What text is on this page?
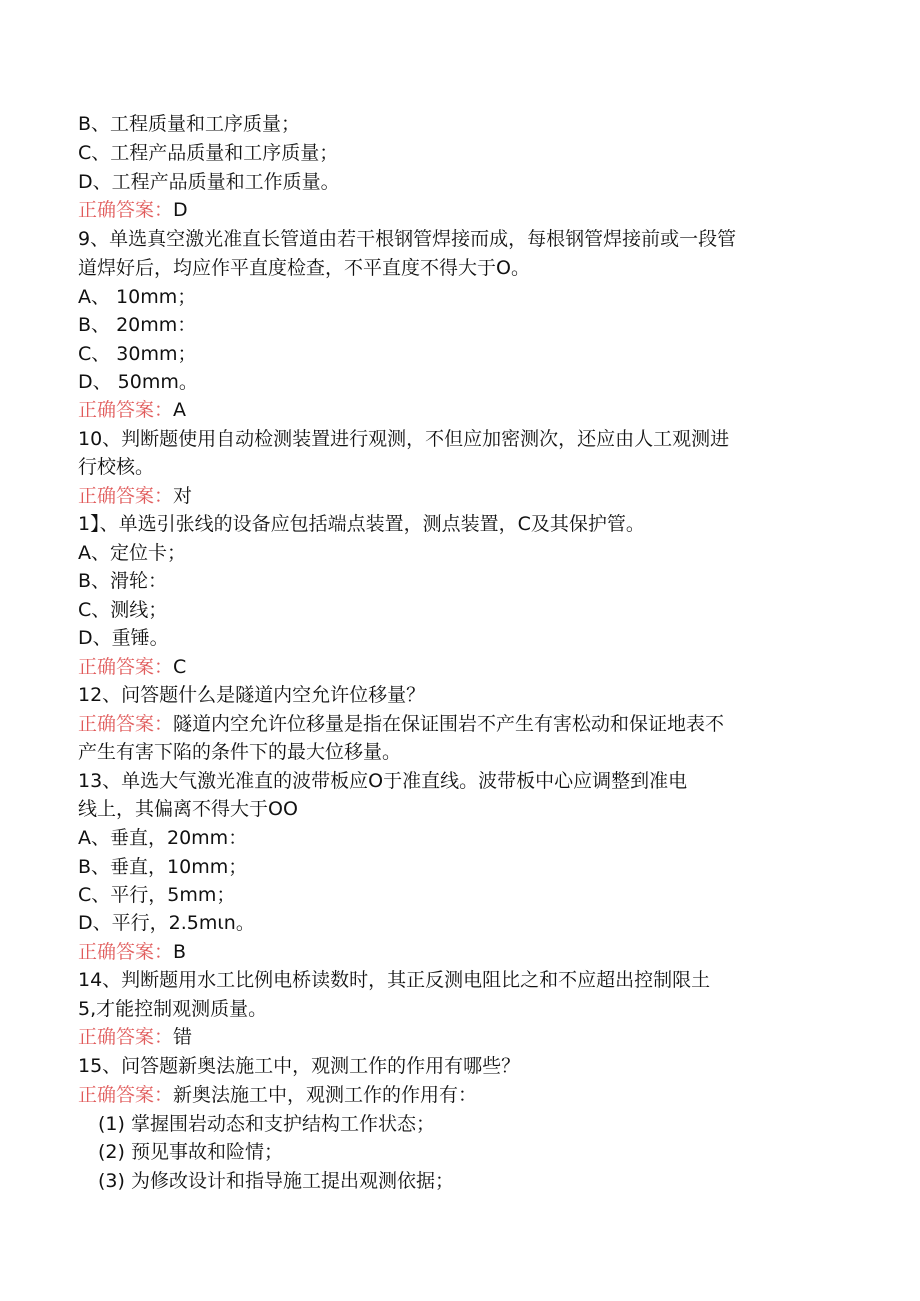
B、工程质量和工序质量；
C、工程产品质量和工序质量；
D、工程产品质量和工作质量。
正确答案：D
9、单选真空激光准直长管道由若干根钢管焊接而成，每根钢管焊接前或一段管
道焊好后，均应作平直度检查，不平直度不得大于O。
A、 10mm；
B、 20mm：
C、 30mm；
D、 50mm。
正确答案：A
10、判断题使用自动检测装置进行观测，不但应加密测次，还应由人工观测进
行校核。
正确答案：对
1】、单选引张线的设备应包括端点装置，测点装置，C及其保护管。
A、定位卡；
B、滑轮：
C、测线；
D、重锤。
正确答案：C
12、问答题什么是隧道内空允许位移量？
正确答案：隧道内空允许位移量是指在保证围岩不产生有害松动和保证地表不
产生有害下陷的条件下的最大位移量。
13、单选大气激光准直的波带板应O于准直线。波带板中心应调整到准电
线上，其偏离不得大于OO
A、垂直，20mm：
B、垂直，10mm；
C、平行，5mm；
D、平行，2.5mιn。
正确答案：B
14、判断题用水工比例电桥读数时，其正反测电阻比之和不应超出控制限土
5,才能控制观测质量。
正确答案：错
15、问答题新奥法施工中，观测工作的作用有哪些？
正确答案：新奥法施工中，观测工作的作用有：
(1) 掌握围岩动态和支护结构工作状态；
(2) 预见事故和险情；
(3) 为修改设计和指导施工提出观测依据；
